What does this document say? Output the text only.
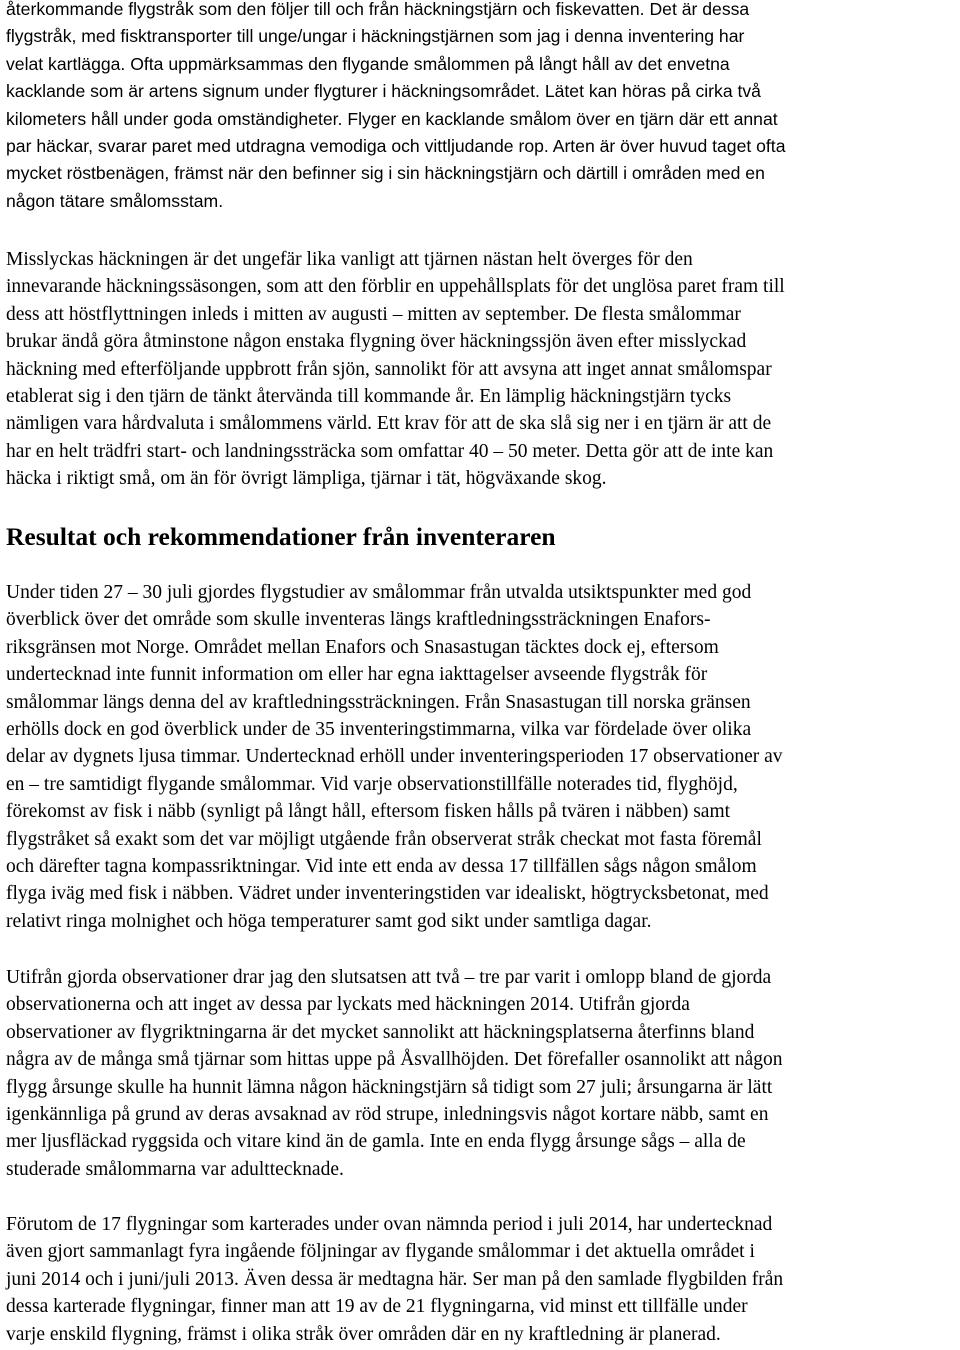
återkommande flygstråk som den följer till och från häckningstjärn och fiskevatten. Det är dessa
flygstråk, med fisktransporter till unge/ungar i häckningstjärnen som jag i denna inventering har
velat kartlägga. Ofta uppmärksammas den flygande smålommen på långt håll av det envetna
kacklande som är artens signum under flygturer i häckningsområdet. Lätet kan höras på cirka två
kilometers håll under goda omständigheter. Flyger en kacklande smålom över en tjärn där ett annat
par häckar, svarar paret med utdragna vemodiga och vittljudande rop. Arten är över huvud taget ofta
mycket röstbenägen, främst när den befinner sig i sin häckningstjärn och därtill i områden med en
någon tätare smålomsstam.

Misslyckas häckningen är det ungefär lika vanligt att tjärnen nästan helt överges för den
innevarande häckningssäsongen, som att den förblir en uppehållsplats för det unglösa paret fram till
dess att höstflyttningen inleds i mitten av augusti – mitten av september. De flesta smålommar
brukar ändå göra åtminstone någon enstaka flygning över häckningssjön även efter misslyckad
häckning med efterföljande uppbrott från sjön, sannolikt för att avsyna att inget annat smålomspar
etablerat sig i den tjärn de tänkt återvända till kommande år. En lämplig häckningstjärn tycks
nämligen vara hårdvaluta i smålommens värld. Ett krav för att de ska slå sig ner i en tjärn är att de
har en helt trädfri start- och landningssträcka som omfattar 40 – 50 meter. Detta gör att de inte kan
häcka i riktigt små, om än för övrigt lämpliga, tjärnar i tät, högväxande skog.

Resultat och rekommendationer från inventeraren

Under tiden 27 – 30 juli gjordes flygstudier av smålommar från utvalda utsiktspunkter med god
överblick över det område som skulle inventeras längs kraftledningssträckningen Enafors-
riksgränsen mot Norge. Området mellan Enafors och Snasastugan täcktes dock ej, eftersom
undertecknad inte funnit information om eller har egna iakttagelser avseende flygstråk för
smålommar längs denna del av kraftledningssträckningen. Från Snasastugan till norska gränsen
erhölls dock en god överblick under de 35 inventeringstimmarna, vilka var fördelade över olika
delar av dygnets ljusa timmar. Undertecknad erhöll under inventeringsperioden 17 observationer av
en – tre samtidigt flygande smålommar. Vid varje observationstillfälle noterades tid, flyghöjd,
förekomst av fisk i näbb (synligt på långt håll, eftersom fisken hålls på tvären i näbben) samt
flygstråket så exakt som det var möjligt utgående från observerat stråk checkat mot fasta föremål
och därefter tagna kompassriktningar. Vid inte ett enda av dessa 17 tillfällen sågs någon smålom
flyga iväg med fisk i näbben. Vädret under inventeringstiden var idealiskt, högtrycksbetonat, med
relativt ringa molnighet och höga temperaturer samt god sikt under samtliga dagar.

Utifrån gjorda observationer drar jag den slutsatsen att två – tre par varit i omlopp bland de gjorda
observationerna och att inget av dessa par lyckats med häckningen 2014. Utifrån gjorda
observationer av flygriktningarna är det mycket sannolikt att häckningsplatserna återfinns bland
några av de många små tjärnar som hittas uppe på Åsvallhöjden. Det förefaller osannolikt att någon
flygg årsunge skulle ha hunnit lämna någon häckningstjärn så tidigt som 27 juli; årsungarna är lätt
igenkännliga på grund av deras avsaknad av röd strupe, inledningsvis något kortare näbb, samt en
mer ljusfläckad ryggsida och vitare kind än de gamla. Inte en enda flygg årsunge sågs – alla de
studerade smålommarna var adulttecknade.

Förutom de 17 flygningar som karterades under ovan nämnda period i juli 2014, har undertecknad
även gjort sammanlagt fyra ingående följningar av flygande smålommar i det aktuella området i
juni 2014 och i juni/juli 2013. Även dessa är medtagna här. Ser man på den samlade flygbilden från
dessa karterade flygningar, finner man att 19 av de 21 flygningarna, vid minst ett tillfälle under
varje enskild flygning, främst i olika stråk över områden där en ny kraftledning är planerad.
